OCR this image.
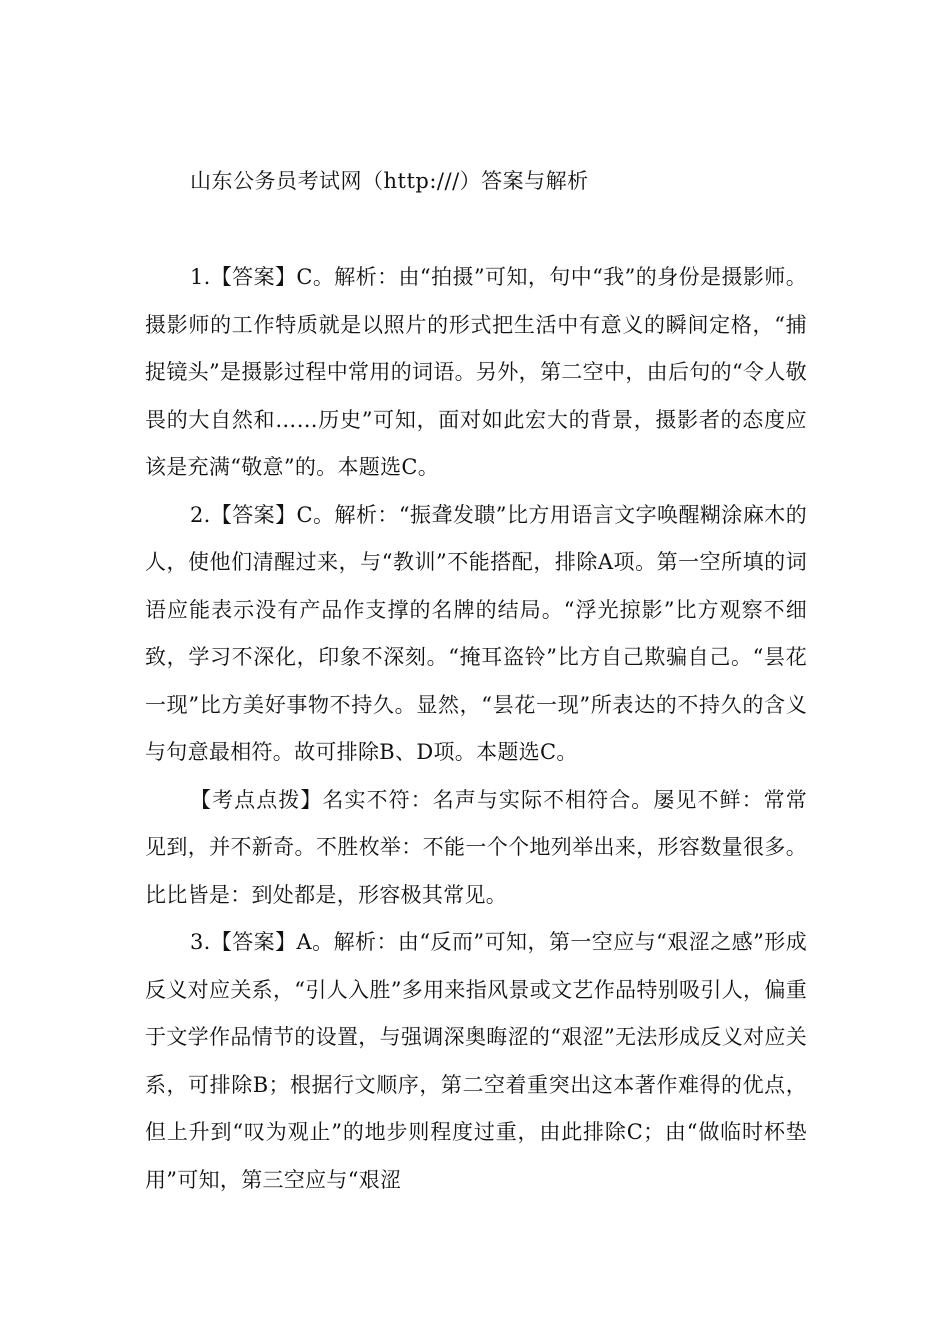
山东公务员考试网（http:///）答案与解析

1.【答案】C。解析：由“拍摄”可知，句中“我”的身份是摄影师。摄影师的工作特质就是以照片的形式把生活中有意义的瞬间定格，“捕捉镜头”是摄影过程中常用的词语。另外，第二空中，由后句的“令人敬畏的大自然和……历史”可知，面对如此宏大的背景，摄影者的态度应该是充满“敬意”的。本题选C。

2.【答案】C。解析：“振聋发聩”比方用语言文字唤醒糊涂麻木的人，使他们清醒过来，与“教训”不能搭配，排除A项。第一空所填的词语应能表示没有产品作支撑的名牌的结局。“浮光掠影”比方观察不细致，学习不深化，印象不深刻。“掩耳盗铃”比方自己欺骗自己。“昙花一现”比方美好事物不持久。显然，“昙花一现”所表达的不持久的含义与句意最相符。故可排除B、D项。本题选C。

【考点点拨】名实不符：名声与实际不相符合。屡见不鲜：常常见到，并不新奇。不胜枚举：不能一个个地列举出来，形容数量很多。比比皆是：到处都是，形容极其常见。

3.【答案】A。解析：由“反而”可知，第一空应与“艰涩之感”形成反义对应关系，“引人入胜”多用来指风景或文艺作品特别吸引人，偏重于文学作品情节的设置，与强调深奥晦涩的“艰涩”无法形成反义对应关系，可排除B；根据行文顺序，第二空着重突出这本著作难得的优点，但上升到“叹为观止”的地步则程度过重，由此排除C；由“做临时杯垫用”可知，第三空应与“艰涩
